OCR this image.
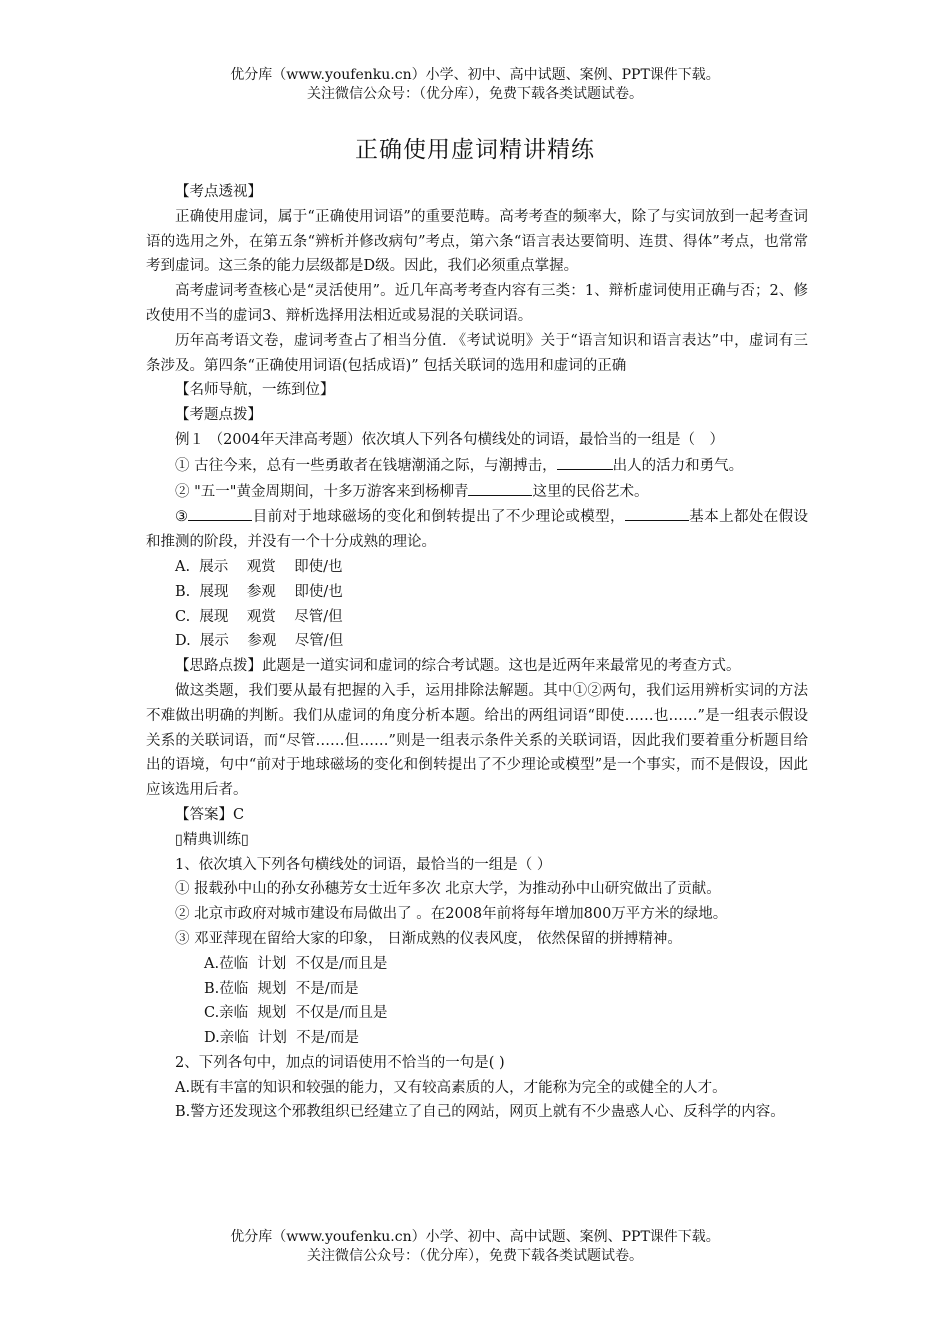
优分库（www.youfenku.cn）小学、初中、高中试题、案例、PPT课件下载。
关注微信公众号：（优分库），免费下载各类试题试卷。
正确使用虚词精讲精练

【考点透视】

正确使用虚词，属于“正确使用词语”的重要范畴。高考考查的频率大，除了与实词放到一起考查词语的选用之外，在第五条“辨析并修改病句”考点，第六条“语言表达要简明、连贯、得体”考点，也常常考到虚词。这三条的能力层级都是D级。因此，我们必须重点掌握。

高考虚词考查核心是“灵活使用”。近几年高考考查内容有三类：1、辩析虚词使用正确与否；2、修改使用不当的虚词3、辩析选择用法相近或易混的关联词语。

历年高考语文卷，虚词考查占了相当分值. 《考试说明》关于“语言知识和语言表达”中，虚词有三条涉及。第四条“正确使用词语(包括成语)” 包括关联词的选用和虚词的正确

【名师导航，一练到位】

【考题点拨】

例１ （2004年天津高考题）依次填人下列各句横线处的词语，最恰当的一组是（　）

① 古往今来，总有一些勇敢者在钱塘潮涌之际，与潮搏击，	出人的活力和勇气。

② "五一"黄金周期间，十多万游客来到杨柳青	这里的民俗艺术。

③	目前对于地球磁场的变化和倒转提出了不少理论或模型，	基本上都处在假设和推测的阶段，并没有一个十分成熟的理论。

A.  展示    观赏    即使/也

B.  展现    参观    即使/也

C.  展现    观赏    尽管/但

D.  展示    参观    尽管/但

【思路点拨】此题是一道实词和虚词的综合考试题。这也是近两年来最常见的考查方式。

做这类题，我们要从最有把握的入手，运用排除法解题。其中①②两句，我们运用辨析实词的方法不难做出明确的判断。我们从虚词的角度分析本题。给出的两组词语“即使……也……”是一组表示假设关系的关联词语，而“尽管……但……”则是一组表示条件关系的关联词语，因此我们要着重分析题目给出的语境，句中“前对于地球磁场的变化和倒转提出了不少理论或模型”是一个事实，而不是假设，因此应该选用后者。

【答案】C

▯精典训练▯

1、依次填入下列各句横线处的词语，最恰当的一组是（ ）

① 报载孙中山的孙女孙穗芳女士近年多次 北京大学，为推动孙中山研究做出了贡献。

② 北京市政府对城市建设布局做出了 。在2008年前将每年增加800万平方米的绿地。

③ 邓亚萍现在留给大家的印象， 日渐成熟的仪表风度， 依然保留的拼搏精神。

A.莅临  计划  不仅是/而且是

B.莅临  规划  不是/而是

C.亲临  规划  不仅是/而且是

D.亲临  计划  不是/而是

2、下列各句中，加点的词语使用不恰当的一句是( )

A.既有丰富的知识和较强的能力，又有较高素质的人，才能称为完全的或健全的人才。

B.警方还发现这个邪教组织已经建立了自己的网站，网页上就有不少蛊惑人心、反科学的内容。

优分库（www.youfenku.cn）小学、初中、高中试题、案例、PPT课件下载。
关注微信公众号：（优分库），免费下载各类试题试卷。
